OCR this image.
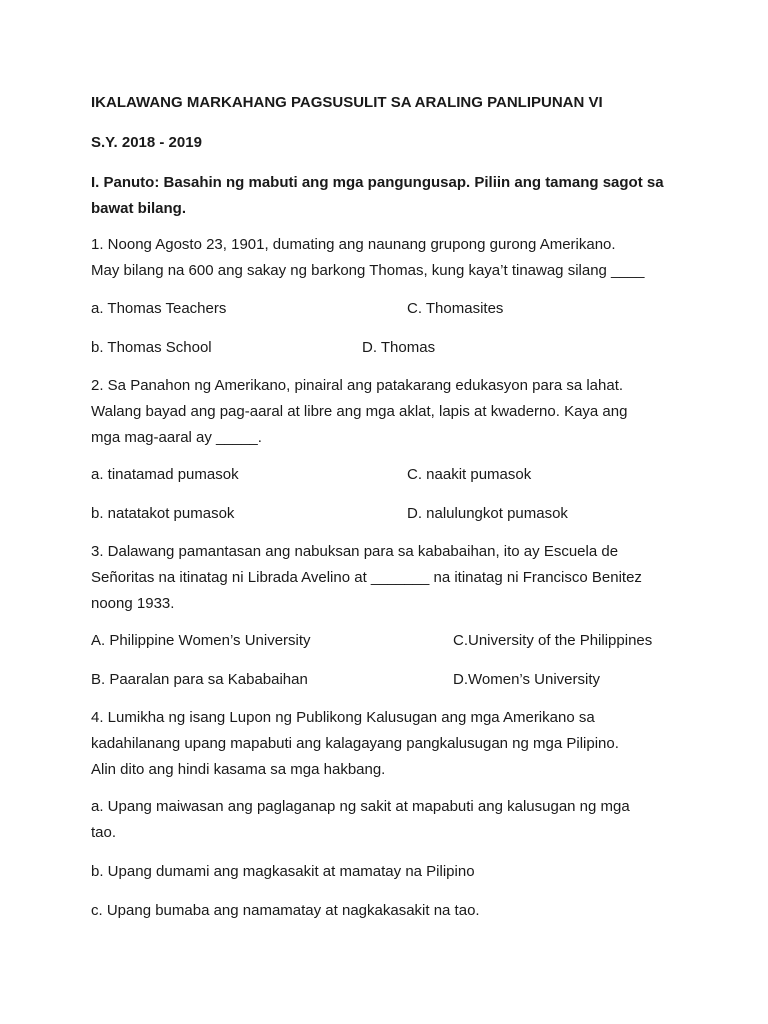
IKALAWANG MARKAHANG PAGSUSULIT SA ARALING PANLIPUNAN VI
S.Y. 2018 - 2019
I. Panuto: Basahin ng mabuti ang mga pangungusap. Piliin ang tamang sagot sa
bawat bilang.
1. Noong Agosto 23, 1901, dumating ang naunang grupong gurong Amerikano.
May bilang na 600 ang sakay ng barkong Thomas, kung kaya’t tinawag silang ____
a. Thomas Teachers	C. Thomasites
b. Thomas School	D. Thomas
2. Sa Panahon ng Amerikano, pinairal ang patakarang edukasyon para sa lahat.
Walang bayad ang pag-aaral at libre ang mga aklat, lapis at kwaderno. Kaya ang
mga mag-aaral ay _____.
a. tinatamad pumasok	C. naakit pumasok
b. natatakot pumasok	D. nalulungkot pumasok
3. Dalawang pamantasan ang nabuksan para sa kababaihan, ito ay Escuela de
Señoritas na itinatag ni Librada Avelino at _______ na itinatag ni Francisco Benitez
noong 1933.
A. Philippine Women’s University	C.University of the Philippines
B. Paaralan para sa Kababaihan	D.Women’s University
4. Lumikha ng isang Lupon ng Publikong Kalusugan ang mga Amerikano sa
kadahilanang upang mapabuti ang kalagayang pangkalusugan ng mga Pilipino.
Alin dito ang hindi kasama sa mga hakbang.
a. Upang maiwasan ang paglaganap ng sakit at mapabuti ang kalusugan ng mga
tao.
b. Upang dumami ang magkasakit at mamatay na Pilipino
c. Upang bumaba ang namamatay at nagkakasakit na tao.
